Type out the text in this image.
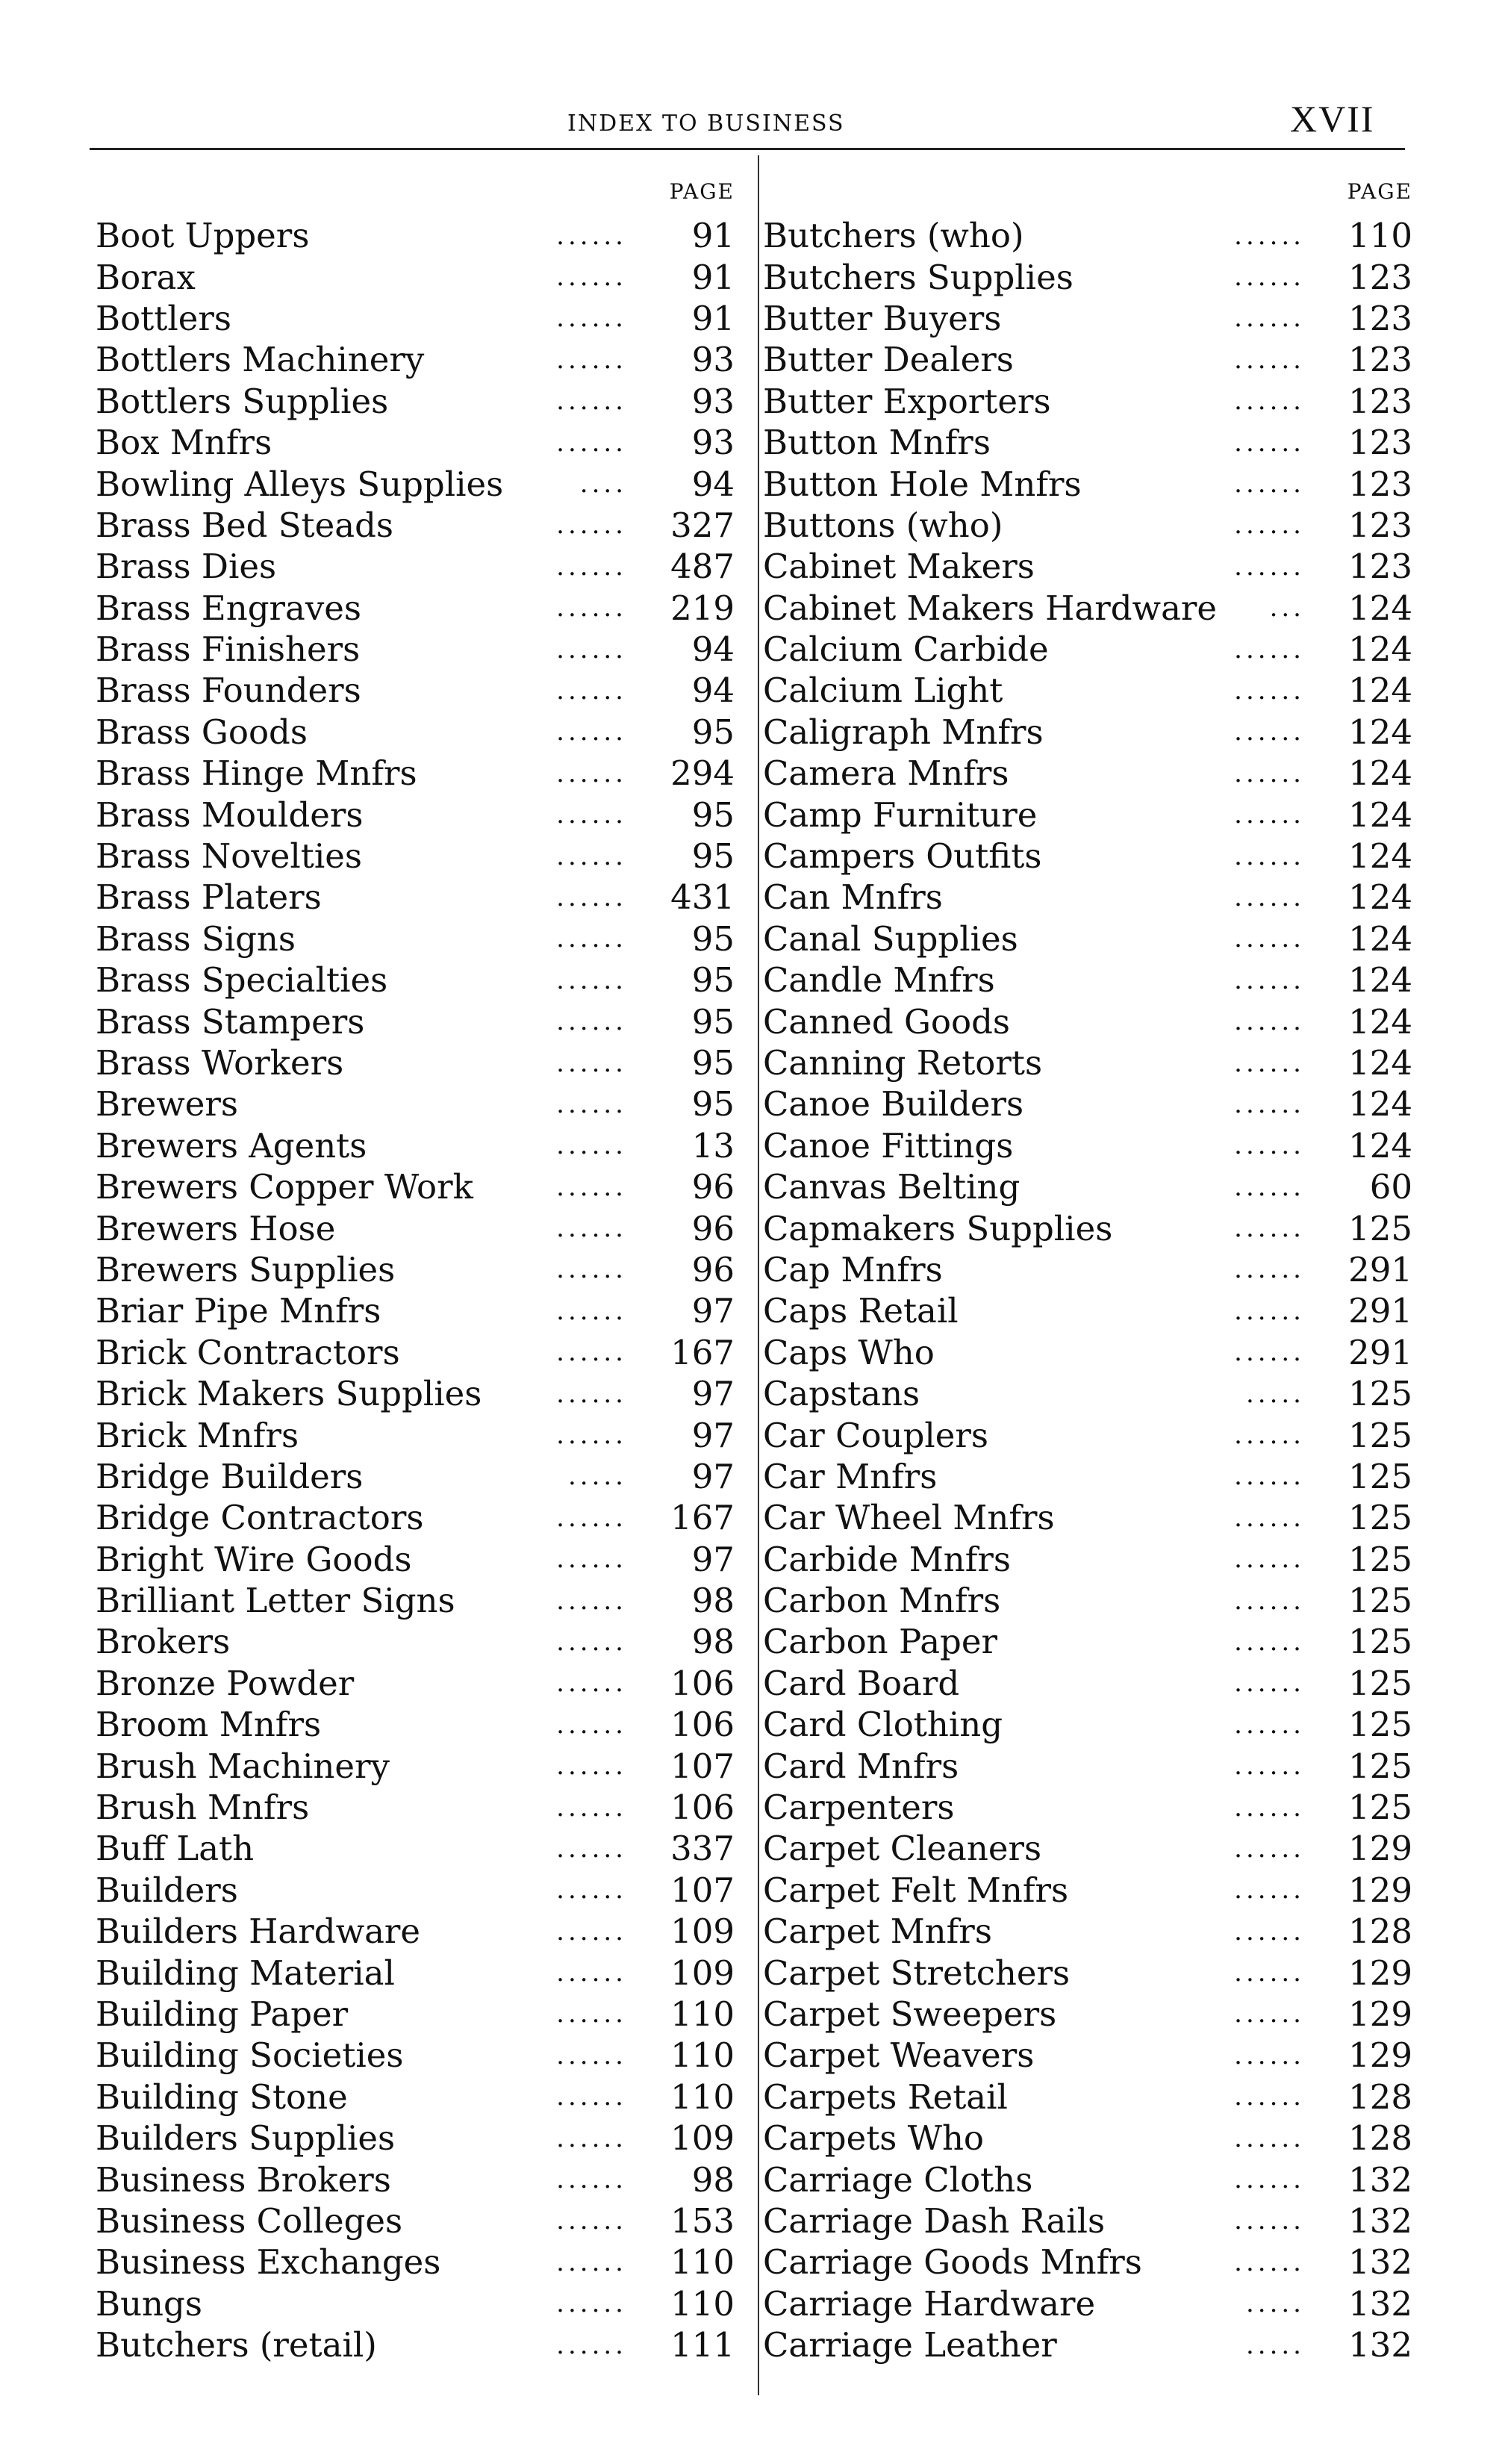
INDEX TO BUSINESS	XVII
PAGE
Boot Uppers	......	91
Borax	......	91
Bottlers	......	91
Bottlers Machinery	......	93
Bottlers Supplies	......	93
Box Mnfrs	......	93
Bowling Alleys Supplies	....	94
Brass Bed Steads	......	327
Brass Dies	......	487
Brass Engraves	......	219
Brass Finishers	......	94
Brass Founders	......	94
Brass Goods	......	95
Brass Hinge Mnfrs	......	294
Brass Moulders	......	95
Brass Novelties	......	95
Brass Platers	......	431
Brass Signs	......	95
Brass Specialties	......	95
Brass Stampers	......	95
Brass Workers	......	95
Brewers	......	95
Brewers Agents	......	13
Brewers Copper Work	......	96
Brewers Hose	......	96
Brewers Supplies	......	96
Briar Pipe Mnfrs	......	97
Brick Contractors	......	167
Brick Makers Supplies	......	97
Brick Mnfrs	......	97
Bridge Builders	.....	97
Bridge Contractors	......	167
Bright Wire Goods	......	97
Brilliant Letter Signs	......	98
Brokers	......	98
Bronze Powder	......	106
Broom Mnfrs	......	106
Brush Machinery	......	107
Brush Mnfrs	......	106
Buff Lath	......	337
Builders	......	107
Builders Hardware	......	109
Building Material	......	109
Building Paper	......	110
Building Societies	......	110
Building Stone	......	110
Builders Supplies	......	109
Business Brokers	......	98
Business Colleges	......	153
Business Exchanges	......	110
Bungs	......	110
Butchers (retail)	......	111
PAGE
Butchers (who)	......	110
Butchers Supplies	......	123
Butter Buyers	......	123
Butter Dealers	......	123
Butter Exporters	......	123
Button Mnfrs	......	123
Button Hole Mnfrs	......	123
Buttons (who)	......	123
Cabinet Makers	......	123
Cabinet Makers Hardware	...	124
Calcium Carbide	......	124
Calcium Light	......	124
Caligraph Mnfrs	......	124
Camera Mnfrs	......	124
Camp Furniture	......	124
Campers Outfits	......	124
Can Mnfrs	......	124
Canal Supplies	......	124
Candle Mnfrs	......	124
Canned Goods	......	124
Canning Retorts	......	124
Canoe Builders	......	124
Canoe Fittings	......	124
Canvas Belting	......	60
Capmakers Supplies	......	125
Cap Mnfrs	......	291
Caps Retail	......	291
Caps Who	......	291
Capstans	.....	125
Car Couplers	......	125
Car Mnfrs	......	125
Car Wheel Mnfrs	......	125
Carbide Mnfrs	......	125
Carbon Mnfrs	......	125
Carbon Paper	......	125
Card Board	......	125
Card Clothing	......	125
Card Mnfrs	......	125
Carpenters	......	125
Carpet Cleaners	......	129
Carpet Felt Mnfrs	......	129
Carpet Mnfrs	......	128
Carpet Stretchers	......	129
Carpet Sweepers	......	129
Carpet Weavers	......	129
Carpets Retail	......	128
Carpets Who	......	128
Carriage Cloths	......	132
Carriage Dash Rails	......	132
Carriage Goods Mnfrs	......	132
Carriage Hardware	.....	132
Carriage Leather	.....	132
